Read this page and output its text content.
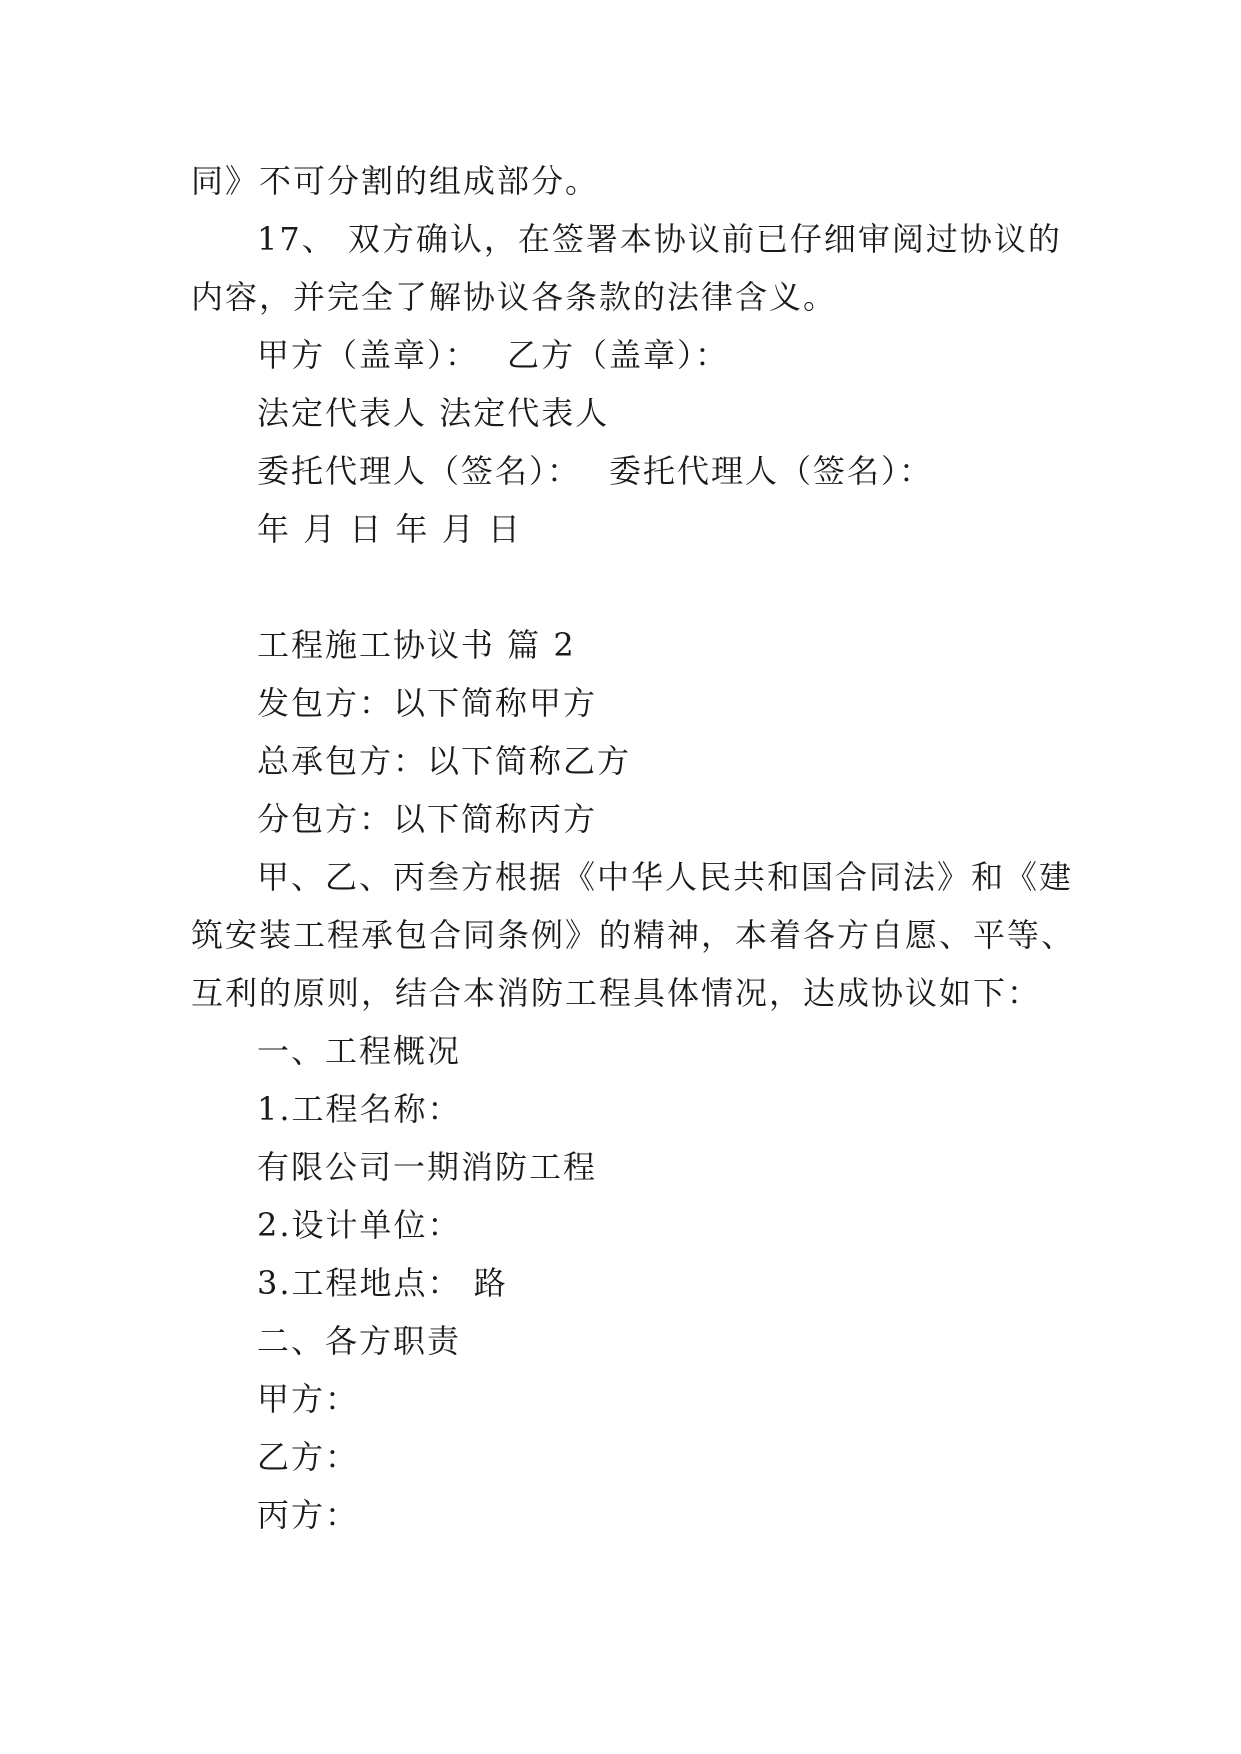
同》不可分割的组成部分。

17、 双方确认，在签署本协议前已仔细审阅过协议的

内容，并完全了解协议各条款的法律含义。

甲方（盖章）： 乙方（盖章）：

法定代表人 法定代表人

委托代理人（签名）： 委托代理人（签名）：

年 月 日 年 月 日

工程施工协议书 篇 2

发包方：以下简称甲方

总承包方：以下简称乙方

分包方：以下简称丙方

甲、乙、丙叁方根据《中华人民共和国合同法》和《建

筑安装工程承包合同条例》的精神，本着各方自愿、平等、

互利的原则，结合本消防工程具体情况，达成协议如下：

一、工程概况

1.工程名称：

有限公司一期消防工程

2.设计单位：

3.工程地点： 路

二、各方职责

甲方：

乙方：

丙方：
